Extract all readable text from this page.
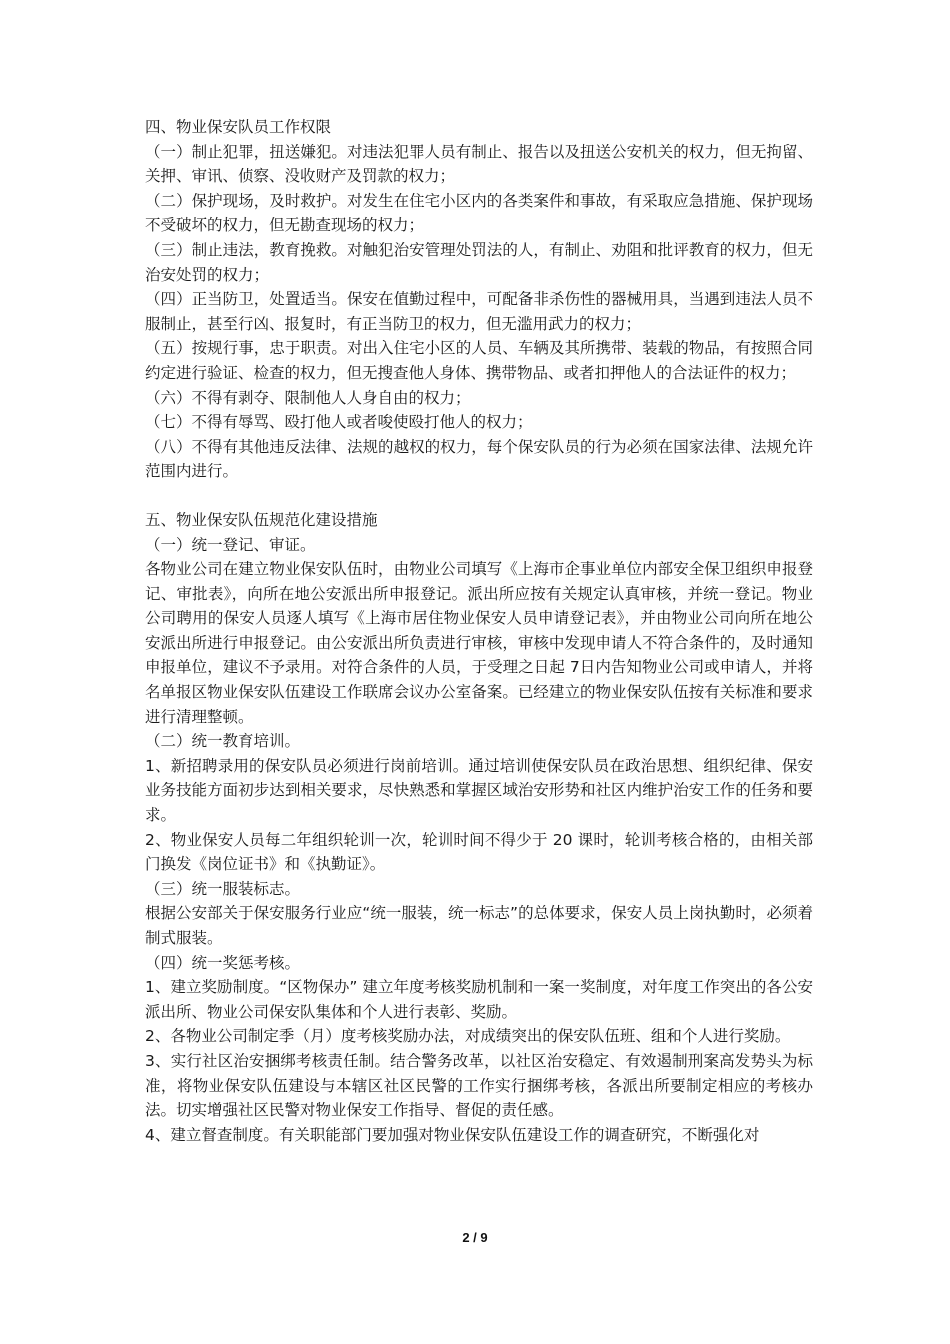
四、物业保安队员工作权限

（一）制止犯罪，扭送嫌犯。对违法犯罪人员有制止、报告以及扭送公安机关的权力，但无拘留、关押、审讯、侦察、没收财产及罚款的权力；

（二）保护现场，及时救护。对发生在住宅小区内的各类案件和事故，有采取应急措施、保护现场不受破坏的权力，但无勘查现场的权力；

（三）制止违法，教育挽救。对触犯治安管理处罚法的人，有制止、劝阻和批评教育的权力，但无治安处罚的权力；

（四）正当防卫，处置适当。保安在值勤过程中，可配备非杀伤性的器械用具，当遇到违法人员不服制止，甚至行凶、报复时，有正当防卫的权力，但无滥用武力的权力；

（五）按规行事，忠于职责。对出入住宅小区的人员、车辆及其所携带、装载的物品，有按照合同约定进行验证、检查的权力，但无搜查他人身体、携带物品、或者扣押他人的合法证件的权力；

（六）不得有剥夺、限制他人人身自由的权力；

（七）不得有辱骂、殴打他人或者唆使殴打他人的权力；

（八）不得有其他违反法律、法规的越权的权力，每个保安队员的行为必须在国家法律、法规允许范围内进行。

五、物业保安队伍规范化建设措施

（一）统一登记、审证。

各物业公司在建立物业保安队伍时，由物业公司填写《上海市企事业单位内部安全保卫组织申报登记、审批表》，向所在地公安派出所申报登记。派出所应按有关规定认真审核，并统一登记。物业公司聘用的保安人员逐人填写《上海市居住物业保安人员申请登记表》，并由物业公司向所在地公安派出所进行申报登记。由公安派出所负责进行审核，审核中发现申请人不符合条件的，及时通知申报单位，建议不予录用。对符合条件的人员，于受理之日起 7日内告知物业公司或申请人，并将名单报区物业保安队伍建设工作联席会议办公室备案。已经建立的物业保安队伍按有关标准和要求进行清理整顿。

（二）统一教育培训。

1、新招聘录用的保安队员必须进行岗前培训。通过培训使保安队员在政治思想、组织纪律、保安业务技能方面初步达到相关要求，尽快熟悉和掌握区域治安形势和社区内维护治安工作的任务和要求。

2、物业保安人员每二年组织轮训一次，轮训时间不得少于 20 课时，轮训考核合格的，由相关部门换发《岗位证书》和《执勤证》。

（三）统一服装标志。

根据公安部关于保安服务行业应“统一服装，统一标志”的总体要求，保安人员上岗执勤时，必须着制式服装。

（四）统一奖惩考核。

1、建立奖励制度。“区物保办” 建立年度考核奖励机制和一案一奖制度，对年度工作突出的各公安派出所、物业公司保安队集体和个人进行表彰、奖励。

2、各物业公司制定季（月）度考核奖励办法，对成绩突出的保安队伍班、组和个人进行奖励。

3、实行社区治安捆绑考核责任制。结合警务改革，以社区治安稳定、有效遏制刑案高发势头为标准，将物业保安队伍建设与本辖区社区民警的工作实行捆绑考核，各派出所要制定相应的考核办法。切实增强社区民警对物业保安工作指导、督促的责任感。

4、建立督查制度。有关职能部门要加强对物业保安队伍建设工作的调查研究，不断强化对

2 / 9
